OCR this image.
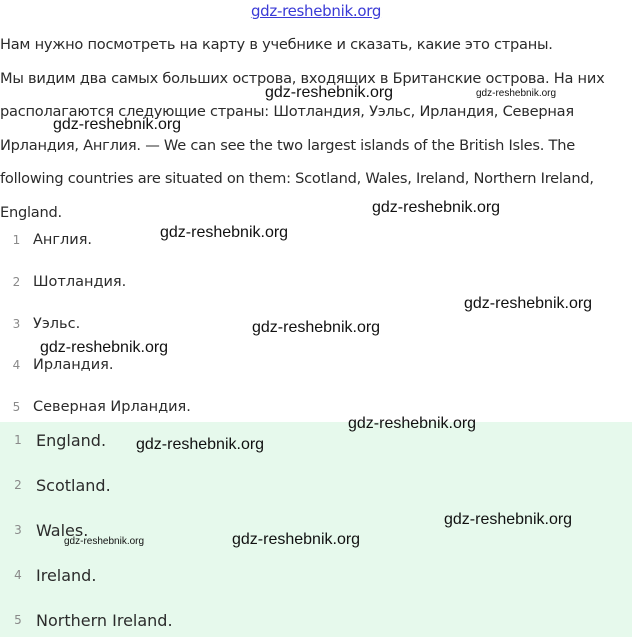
gdz-reshebnik.org

Нам нужно посмотреть на карту в учебнике и сказать, какие это страны.
Мы видим два самых больших острова, входящих в Британские острова. На них располагаются следующие страны: Шотландия, Уэльс, Ирландия, Северная Ирландия, Англия. — We can see the two largest islands of the British Isles. The following countries are situated on them: Scotland, Wales, Ireland, Northern Ireland, England.

1 Англия.
2 Шотландия.
3 Уэльс.
4 Ирландия.
5 Северная Ирландия.
1 England.
2 Scotland.
3 Wales.
4 Ireland.
5 Northern Ireland.
gdz-reshebnik.org	gdz-reshebnik.org
gdz-reshebnik.org
gdz-reshebnik.org
gdz-reshebnik.org
gdz-reshebnik.org
gdz-reshebnik.org
gdz-reshebnik.org
gdz-reshebnik.org
gdz-reshebnik.org
gdz-reshebnik.org
gdz-reshebnik.org	gdz-reshebnik.org
